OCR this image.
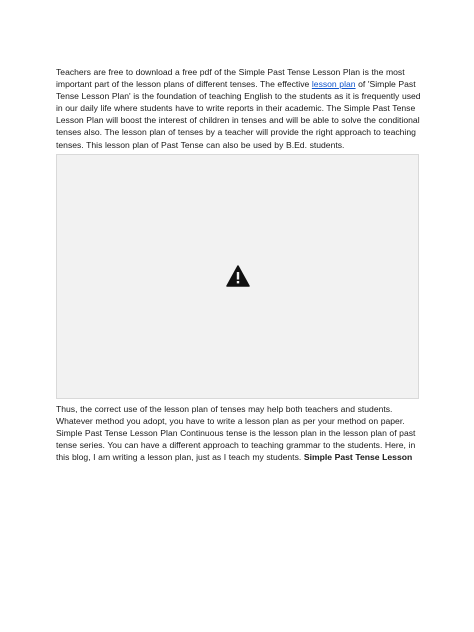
Teachers are free to download a free pdf of the Simple Past Tense Lesson Plan is the most important part of the lesson plans of different tenses. The effective lesson plan of 'Simple Past Tense Lesson Plan' is the foundation of teaching English to the students as it is frequently used in our daily life where students have to write reports in their academic. The Simple Past Tense Lesson Plan will boost the interest of children in tenses and will be able to solve the conditional tenses also. The lesson plan of tenses by a teacher will provide the right approach to teaching tenses. This lesson plan of Past Tense can also be used by B.Ed. students.

Thus, the correct use of the lesson plan of tenses may help both teachers and students. Whatever method you adopt, you have to write a lesson plan as per your method on paper. Simple Past Tense Lesson Plan Continuous tense is the lesson plan in the lesson plan of past tense series. You can have a different approach to teaching grammar to the students. Here, in this blog, I am writing a lesson plan, just as I teach my students. Simple Past Tense Lesson
